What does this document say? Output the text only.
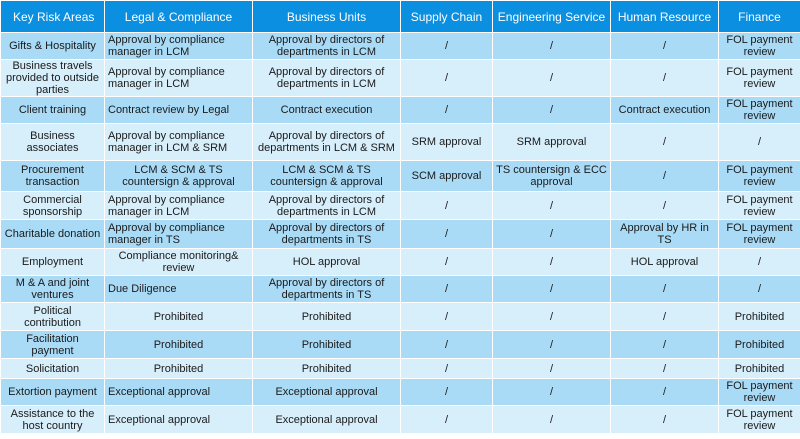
Key Risk Areas	Legal & Compliance	Business Units	Supply Chain	Engineering Service	Human Resource	Finance
Gifts & Hospitality	Approval by compliance manager in LCM	Approval by directors of departments in LCM	/	/	/	FOL payment review
Business travels provided to outside parties	Approval by compliance manager in LCM	Approval by directors of departments in LCM	/	/	/	FOL payment review
Client training	Contract review by Legal	Contract execution	/	/	Contract execution	FOL payment review
Business associates	Approval by compliance manager in LCM & SRM	Approval by directors of departments in LCM & SRM	SRM approval	SRM approval	/	/
Procurement transaction	LCM & SCM & TS countersign & approval	LCM & SCM & TS countersign & approval	SCM approval	TS countersign & ECC approval	/	FOL payment review
Commercial sponsorship	Approval by compliance manager in LCM	Approval by directors of departments in LCM	/	/	/	FOL payment review
Charitable donation	Approval by compliance manager in TS	Approval by directors of departments in TS	/	/	Approval by HR in TS	FOL payment review
Employment	Compliance monitoring& review	HOL approval	/	/	HOL approval	/
M & A and joint ventures	Due Diligence	Approval by directors of departments in TS	/	/	/	/
Political contribution	Prohibited	Prohibited	/	/	/	Prohibited
Facilitation payment	Prohibited	Prohibited	/	/	/	Prohibited
Solicitation	Prohibited	Prohibited	/	/	/	Prohibited
Extortion payment	Exceptional approval	Exceptional approval	/	/	/	FOL payment review
Assistance to the host country	Exceptional approval	Exceptional approval	/	/	/	FOL payment review
